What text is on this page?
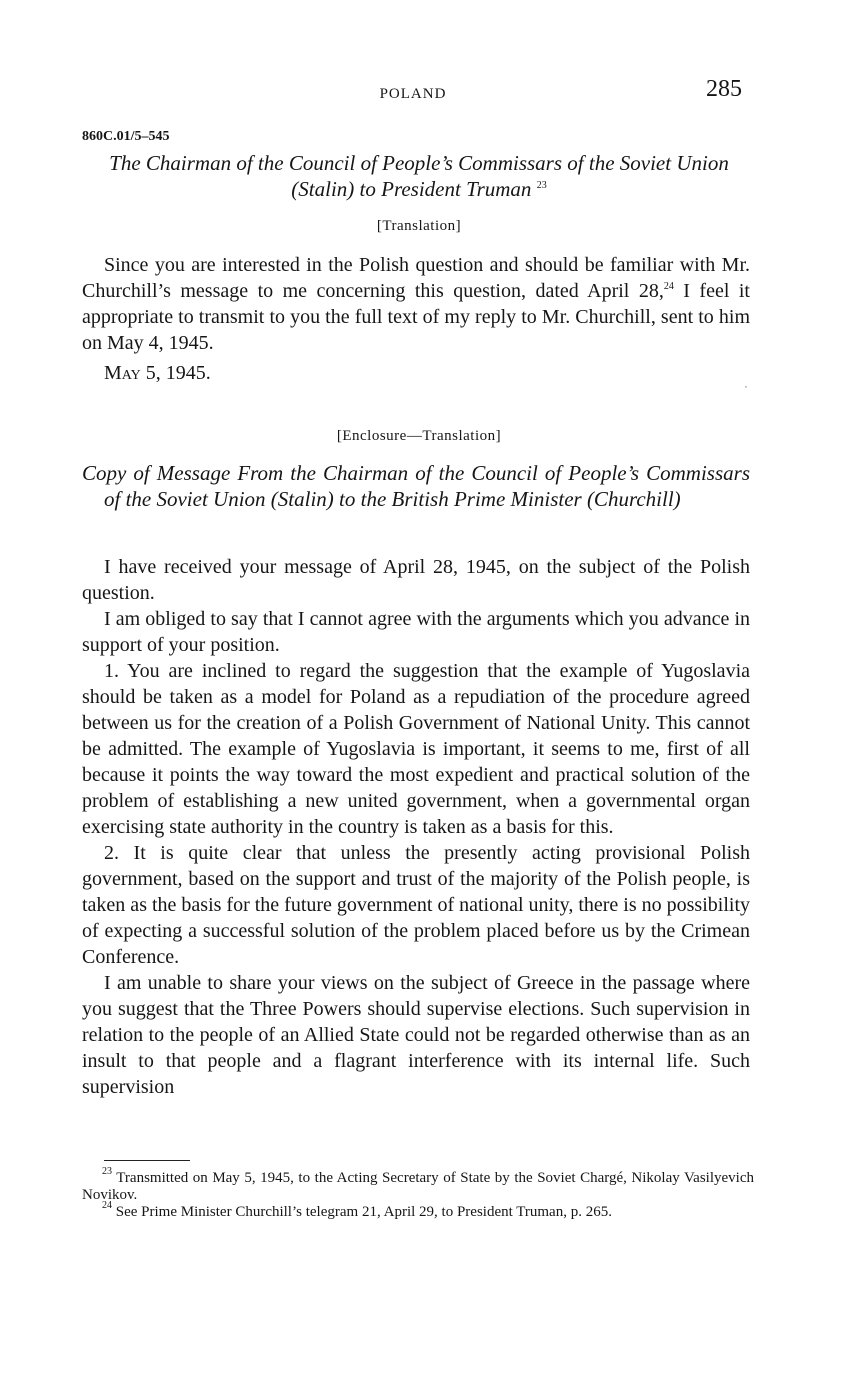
POLAND	285
860C.01/5–545
The Chairman of the Council of People’s Commissars of the Soviet Union (Stalin) to President Truman $^{23}$
[Translation]

Since you are interested in the Polish question and should be familiar with Mr. Churchill’s message to me concerning this question, dated April 28,24 I feel it appropriate to transmit to you the full text of my reply to Mr. Churchill, sent to him on May 4, 1945.

May 5, 1945.
,
[Enclosure—Translation]
Copy of Message From the Chairman of the Council of People’s Commissars of the Soviet Union (Stalin) to the British Prime Minister (Churchill)

I have received your message of April 28, 1945, on the subject of the Polish question.

I am obliged to say that I cannot agree with the arguments which you advance in support of your position.

1. You are inclined to regard the suggestion that the example of Yugoslavia should be taken as a model for Poland as a repudiation of the procedure agreed between us for the creation of a Polish Government of National Unity. This cannot be admitted. The example of Yugoslavia is important, it seems to me, first of all because it points the way toward the most expedient and practical solution of the problem of establishing a new united government, when a governmental organ exercising state authority in the country is taken as a basis for this.

2. It is quite clear that unless the presently acting provisional Polish government, based on the support and trust of the majority of the Polish people, is taken as the basis for the future government of national unity, there is no possibility of expecting a successful solution of the problem placed before us by the Crimean Conference.

I am unable to share your views on the subject of Greece in the passage where you suggest that the Three Powers should supervise elections. Such supervision in relation to the people of an Allied State could not be regarded otherwise than as an insult to that people and a flagrant interference with its internal life. Such supervision

$^{23}$ Transmitted on May 5, 1945, to the Acting Secretary of State by the Soviet Chargé, Nikolay Vasilyevich Novikov.

$^{24}$ See Prime Minister Churchill’s telegram 21, April 29, to President Truman, p. 265.
